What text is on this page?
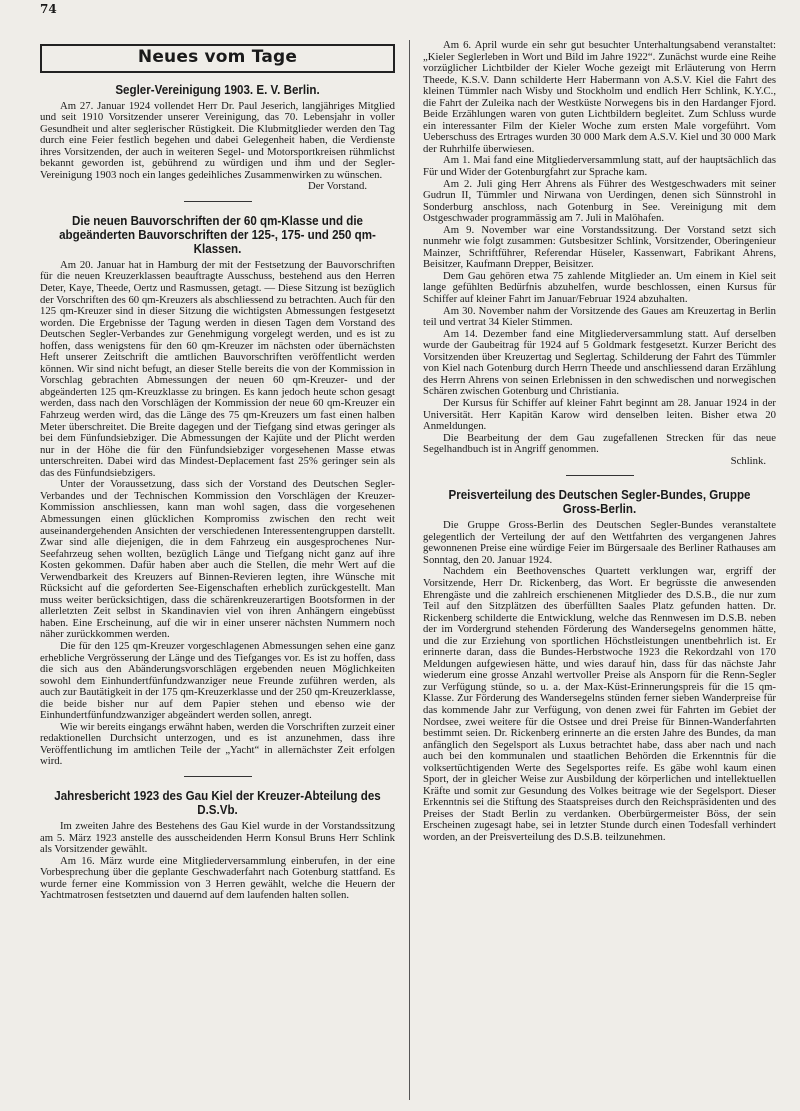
74
Neues vom Tage
Segler-Vereinigung 1903. E. V. Berlin.

Am 27. Januar 1924 vollendet Herr Dr. Paul Jeserich, langjähriges Mitglied und seit 1910 Vorsitzender unserer Vereinigung, das 70. Lebensjahr in voller Gesundheit und alter seglerischer Rüstigkeit. Die Klubmitglieder werden den Tag durch eine Feier festlich begehen und dabei Gelegenheit haben, die Verdienste ihres Vorsitzenden, der auch in weiteren Segel- und Motorsportkreisen rühmlichst bekannt geworden ist, gebührend zu würdigen und ihm und der Segler-Vereinigung 1903 noch ein langes gedeihliches Zusammenwirken zu wünschen.

Der Vorstand.

Die neuen Bauvorschriften der 60 qm-Klasse und die abgeänderten Bauvorschriften der 125-, 175- und 250 qm-Klassen.

Am 20. Januar hat in Hamburg der mit der Festsetzung der Bauvorschriften für die neuen Kreuzerklassen beauftragte Ausschuss, bestehend aus den Herren Deter, Kaye, Theede, Oertz und Rasmussen, getagt. — Diese Sitzung ist bezüglich der Vorschriften des 60 qm-Kreuzers als abschliessend zu betrachten. Auch für den 125 qm-Kreuzer sind in dieser Sitzung die wichtigsten Abmessungen festgesetzt worden. Die Ergebnisse der Tagung werden in diesen Tagen dem Vorstand des Deutschen Segler-Verbandes zur Genehmigung vorgelegt werden, und es ist zu hoffen, dass wenigstens für den 60 qm-Kreuzer im nächsten oder übernächsten Heft unserer Zeitschrift die amtlichen Bauvorschriften veröffentlicht werden können. Wir sind nicht befugt, an dieser Stelle bereits die von der Kommission in Vorschlag gebrachten Abmessungen der neuen 60 qm-Kreuzer- und der abgeänderten 125 qm-Kreuzklasse zu bringen. Es kann jedoch heute schon gesagt werden, dass nach den Vorschlägen der Kommission der neue 60 qm-Kreuzer ein Fahrzeug werden wird, das die Länge des 75 qm-Kreuzers um fast einen halben Meter überschreitet. Die Breite dagegen und der Tiefgang sind etwas geringer als bei dem Fünfundsiebziger. Die Abmessungen der Kajüte und der Plicht werden nur in der Höhe die für den Fünfundsiebziger vorgesehenen Masse etwas unterschreiten. Dabei wird das Mindest-Deplacement fast 25% geringer sein als das des Fünfundsiebzigers.

Unter der Voraussetzung, dass sich der Vorstand des Deutschen Segler-Verbandes und der Technischen Kommission den Vorschlägen der Kreuzer-Kommission anschliessen, kann man wohl sagen, dass die vorgesehenen Abmessungen einen glücklichen Kompromiss zwischen den recht weit auseinandergehenden Ansichten der verschiedenen Interessentengruppen darstellt. Zwar sind alle diejenigen, die in dem Fahrzeug ein ausgesprochenes Nur-Seefahrzeug sehen wollten, bezüglich Länge und Tiefgang nicht ganz auf ihre Kosten gekommen. Dafür haben aber auch die Stellen, die mehr Wert auf die Verwendbarkeit des Kreuzers auf Binnen-Revieren legten, ihre Wünsche mit Rücksicht auf die geforderten See-Eigenschaften erheblich zurückgestellt. Man muss weiter berücksichtigen, dass die schärenkreuzerartigen Bootsformen in der allerletzten Zeit selbst in Skandinavien viel von ihren Anhängern eingebüsst haben. Eine Erscheinung, auf die wir in einer unserer nächsten Nummern noch näher zurückkommen werden.

Die für den 125 qm-Kreuzer vorgeschlagenen Abmessungen sehen eine ganz erhebliche Vergrösserung der Länge und des Tiefganges vor. Es ist zu hoffen, dass die sich aus den Abänderungsvorschlägen ergebenden neuen Möglichkeiten sowohl dem Einhundertfünfundzwanziger neue Freunde zuführen werden, als auch zur Bautätigkeit in der 175 qm-Kreuzerklasse und der 250 qm-Kreuzerklasse, die beide bisher nur auf dem Papier stehen und ebenso wie der Einhundertfünfundzwanziger abgeändert werden sollen, anregt.

Wie wir bereits eingangs erwähnt haben, werden die Vorschriften zurzeit einer redaktionellen Durchsicht unterzogen, und es ist anzunehmen, dass ihre Veröffentlichung im amtlichen Teile der „Yacht“ in allernächster Zeit erfolgen wird.

Jahresbericht 1923 des Gau Kiel der Kreuzer-Abteilung des D.S.Vb.

Im zweiten Jahre des Bestehens des Gau Kiel wurde in der Vorstandssitzung am 5. März 1923 anstelle des ausscheidenden Herrn Konsul Bruns Herr Schlink als Vorsitzender gewählt.

Am 16. März wurde eine Mitgliederversammlung einberufen, in der eine Vorbesprechung über die geplante Geschwaderfahrt nach Gotenburg stattfand. Es wurde ferner eine Kommission von 3 Herren gewählt, welche die Heuern der Yachtmatrosen festsetzten und dauernd auf dem laufenden halten sollen.

Am 6. April wurde ein sehr gut besuchter Unterhaltungsabend veranstaltet: „Kieler Seglerleben in Wort und Bild im Jahre 1922“. Zunächst wurde eine Reihe vorzüglicher Lichtbilder der Kieler Woche gezeigt mit Erläuterung von Herrn Theede, K.S.V. Dann schilderte Herr Habermann von A.S.V. Kiel die Fahrt des kleinen Tümmler nach Wisby und Stockholm und endlich Herr Schlink, K.Y.C., die Fahrt der Zuleika nach der Westküste Norwegens bis in den Hardanger Fjord. Beide Erzählungen waren von guten Lichtbildern begleitet. Zum Schluss wurde ein interessanter Film der Kieler Woche zum ersten Male vorgeführt. Vom Ueberschuss des Ertrages wurden 30 000 Mark dem A.S.V. Kiel und 30 000 Mark der Ruhrhilfe überwiesen.

Am 1. Mai fand eine Mitgliederversammlung statt, auf der hauptsächlich das Für und Wider der Gotenburgfahrt zur Sprache kam.

Am 2. Juli ging Herr Ahrens als Führer des Westgeschwaders mit seiner Gudrun II, Tümmler und Nirwana von Uerdingen, denen sich Sünnstrohl in Sonderburg anschloss, nach Gotenburg in See. Vereinigung mit dem Ostgeschwader programmässig am 7. Juli in Malöhafen.

Am 9. November war eine Vorstandssitzung. Der Vorstand setzt sich nunmehr wie folgt zusammen: Gutsbesitzer Schlink, Vorsitzender, Oberingenieur Mainzer, Schriftführer, Referendar Hüseler, Kassenwart, Fabrikant Ahrens, Beisitzer, Kaufmann Drepper, Beisitzer.

Dem Gau gehören etwa 75 zahlende Mitglieder an. Um einem in Kiel seit lange gefühlten Bedürfnis abzuhelfen, wurde beschlossen, einen Kursus für Schiffer auf kleiner Fahrt im Januar/Februar 1924 abzuhalten.

Am 30. November nahm der Vorsitzende des Gaues am Kreuzertag in Berlin teil und vertrat 34 Kieler Stimmen.

Am 14. Dezember fand eine Mitgliederversammlung statt. Auf derselben wurde der Gaubeitrag für 1924 auf 5 Goldmark festgesetzt. Kurzer Bericht des Vorsitzenden über Kreuzertag und Seglertag. Schilderung der Fahrt des Tümmler von Kiel nach Gotenburg durch Herrn Theede und anschliessend daran Erzählung des Herrn Ahrens von seinen Erlebnissen in den schwedischen und norwegischen Schären zwischen Gotenburg und Christiania.

Der Kursus für Schiffer auf kleiner Fahrt beginnt am 28. Januar 1924 in der Universität. Herr Kapitän Karow wird denselben leiten. Bisher etwa 20 Anmeldungen.

Die Bearbeitung der dem Gau zugefallenen Strecken für das neue Segelhandbuch ist in Angriff genommen.

Schlink.

Preisverteilung des Deutschen Segler-Bundes, Gruppe Gross-Berlin.

Die Gruppe Gross-Berlin des Deutschen Segler-Bundes veranstaltete gelegentlich der Verteilung der auf den Wettfahrten des vergangenen Jahres gewonnenen Preise eine würdige Feier im Bürgersaale des Berliner Rathauses am Sonntag, den 20. Januar 1924.

Nachdem ein Beethovensches Quartett verklungen war, ergriff der Vorsitzende, Herr Dr. Rickenberg, das Wort. Er begrüsste die anwesenden Ehrengäste und die zahlreich erschienenen Mitglieder des D.S.B., die nur zum Teil auf den Sitzplätzen des überfüllten Saales Platz gefunden hatten. Dr. Rickenberg schilderte die Entwicklung, welche das Rennwesen im D.S.B. neben der im Vordergrund stehenden Förderung des Wandersegelns genommen hätte, und die zur Erziehung von sportlichen Höchstleistungen unentbehrlich ist. Er erinnerte daran, dass die Bundes-Herbstwoche 1923 die Rekordzahl von 170 Meldungen aufgewiesen hätte, und wies darauf hin, dass für das nächste Jahr wiederum eine grosse Anzahl wertvoller Preise als Ansporn für die Renn-Segler zur Verfügung stünde, so u. a. der Max-Küst-Erinnerungspreis für die 15 qm-Klasse. Zur Förderung des Wandersegelns stünden ferner sieben Wanderpreise für das kommende Jahr zur Verfügung, von denen zwei für Fahrten im Gebiet der Nordsee, zwei weitere für die Ostsee und drei Preise für Binnen-Wanderfahrten bestimmt seien. Dr. Rickenberg erinnerte an die ersten Jahre des Bundes, da man anfänglich den Segelsport als Luxus betrachtet habe, dass aber nach und nach auch bei den kommunalen und staatlichen Behörden die Erkenntnis für die volksertüchtigenden Werte des Segelsportes reife. Es gäbe wohl kaum einen Sport, der in gleicher Weise zur Ausbildung der körperlichen und intellektuellen Kräfte und somit zur Gesundung des Volkes beitrage wie der Segelsport. Dieser Erkenntnis sei die Stiftung des Staatspreises durch den Reichspräsidenten und des Preises der Stadt Berlin zu verdanken. Oberbürgermeister Böss, der sein Erscheinen zugesagt habe, sei in letzter Stunde durch einen Todesfall verhindert worden, an der Preisverteilung des D.S.B. teilzunehmen.
